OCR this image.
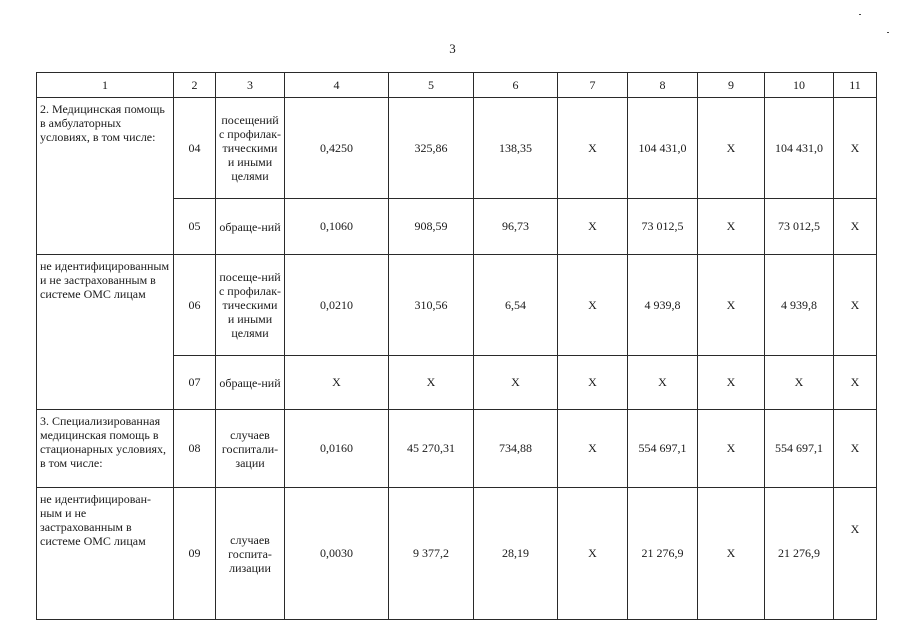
3
1	2	3	4	5	6	7	8	9	10	11
2. Медицинская помощь в амбулаторных условиях, в том числе:	04	посещений с профилак-тическими и иными целями	0,4250	325,86	138,35	Х	104 431,0	Х	104 431,0	Х
	05	обраще-ний	0,1060	908,59	96,73	Х	73 012,5	Х	73 012,5	Х
не идентифицированным и не застрахованным в системе ОМС лицам	06	посеще-ний с профилак-тическими и иными целями	0,0210	310,56	6,54	Х	4 939,8	Х	4 939,8	Х
	07	обраще-ний	Х	Х	Х	Х	Х	Х	Х	Х
3. Специализированная медицинская помощь в стационарных условиях, в том числе:	08	случаев госпитали-зации	0,0160	45 270,31	734,88	Х	554 697,1	Х	554 697,1	Х
не идентифицирован-ным и не застрахованным в системе ОМС лицам	09	случаев госпита-лизации	0,0030	9 377,2	28,19	Х	21 276,9	Х	21 276,9	Х
